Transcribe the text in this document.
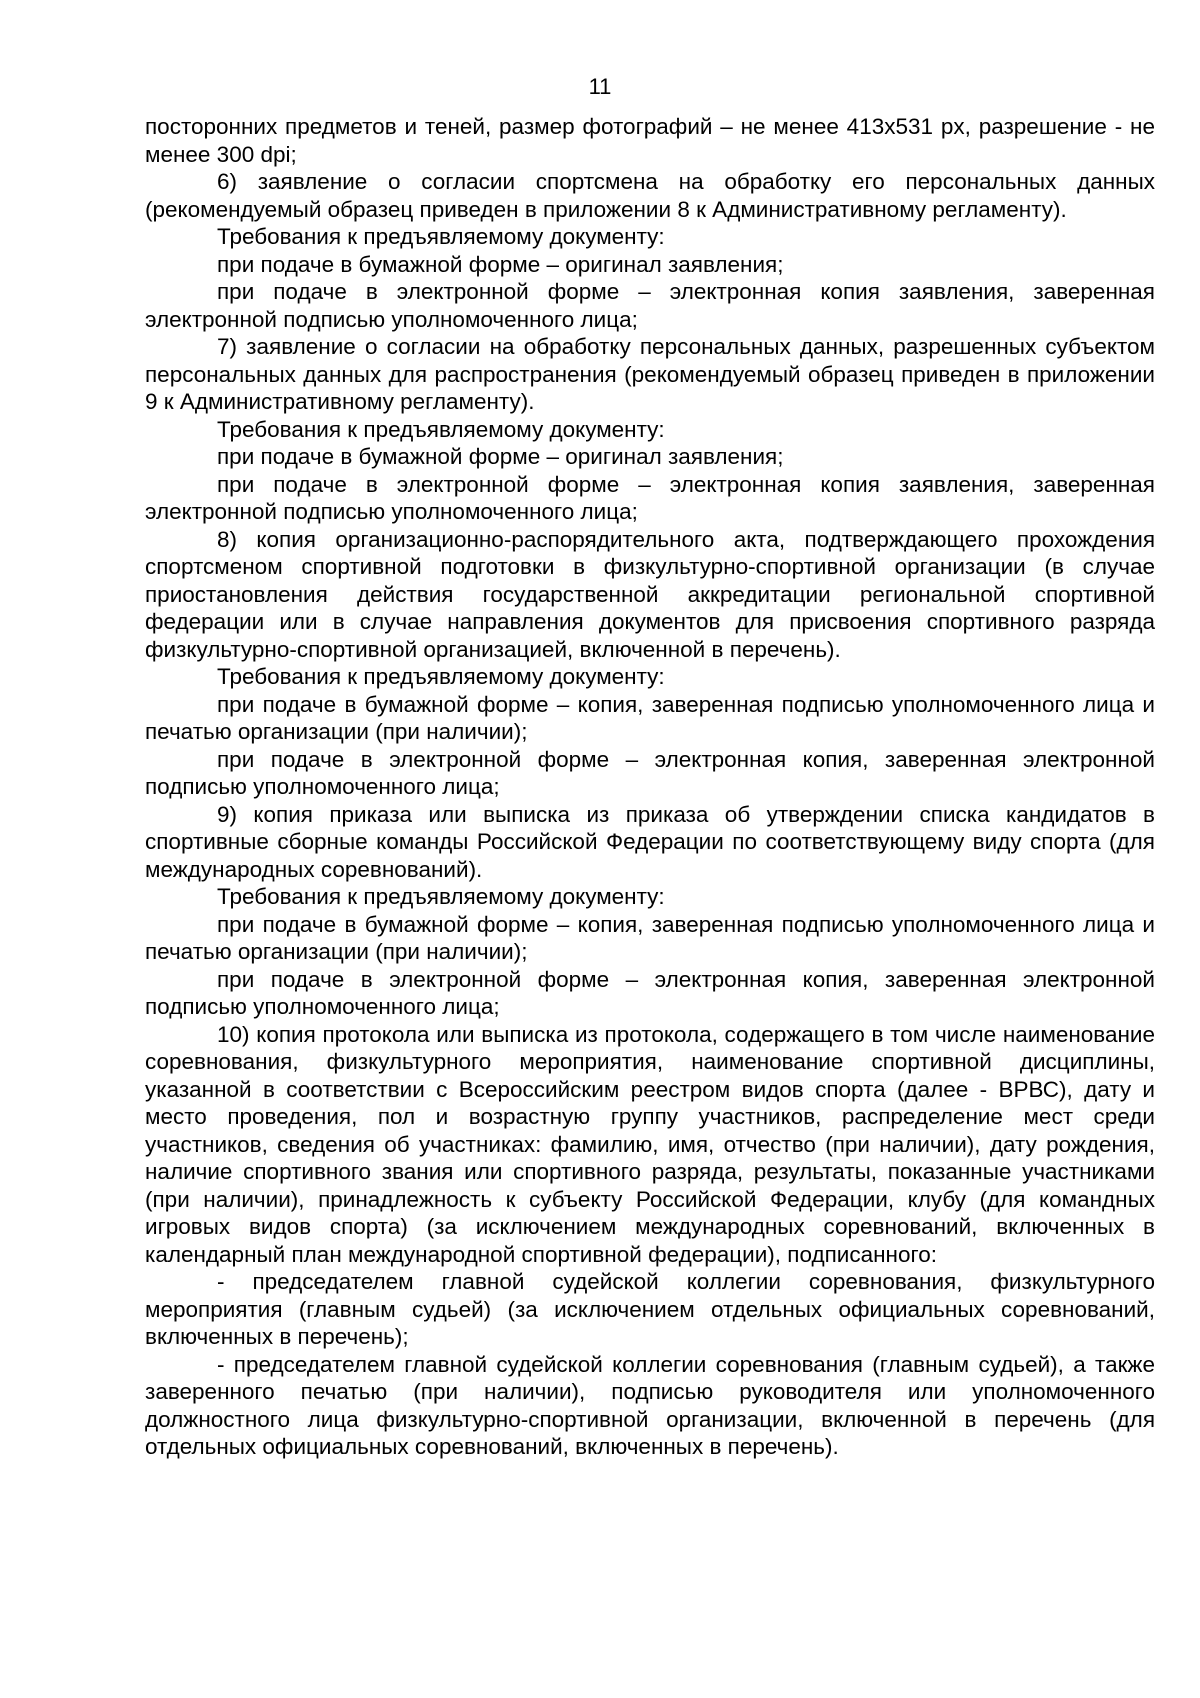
11

посторонних предметов и теней, размер фотографий – не менее 413x531 px, разрешение - не менее 300 dpi;

6) заявление о согласии спортсмена на обработку его персональных данных (рекомендуемый образец приведен в приложении 8 к Административному регламенту).

Требования к предъявляемому документу:

при подаче в бумажной форме – оригинал заявления;

при подаче в электронной форме – электронная копия заявления, заверенная электронной подписью уполномоченного лица;

7) заявление о согласии на обработку персональных данных, разрешенных субъектом персональных данных для распространения (рекомендуемый образец приведен в приложении 9 к Административному регламенту).

Требования к предъявляемому документу:

при подаче в бумажной форме – оригинал заявления;

при подаче в электронной форме – электронная копия заявления, заверенная электронной подписью уполномоченного лица;

8) копия организационно-распорядительного акта, подтверждающего прохождения спортсменом спортивной подготовки в физкультурно-спортивной организации (в случае приостановления действия государственной аккредитации региональной спортивной федерации или в случае направления документов для присвоения спортивного разряда физкультурно-спортивной организацией, включенной в перечень).

Требования к предъявляемому документу:

при подаче в бумажной форме – копия, заверенная подписью уполномоченного лица и печатью организации (при наличии);

при подаче в электронной форме – электронная копия, заверенная электронной подписью уполномоченного лица;

9) копия приказа или выписка из приказа об утверждении списка кандидатов в спортивные сборные команды Российской Федерации по соответствующему виду спорта (для международных соревнований).

Требования к предъявляемому документу:

при подаче в бумажной форме – копия, заверенная подписью уполномоченного лица и печатью организации (при наличии);

при подаче в электронной форме – электронная копия, заверенная электронной подписью уполномоченного лица;

10) копия протокола или выписка из протокола, содержащего в том числе наименование соревнования, физкультурного мероприятия, наименование спортивной дисциплины, указанной в соответствии с Всероссийским реестром видов спорта (далее - ВРВС), дату и место проведения, пол и возрастную группу участников, распределение мест среди участников, сведения об участниках: фамилию, имя, отчество (при наличии), дату рождения, наличие спортивного звания или спортивного разряда, результаты, показанные участниками (при наличии), принадлежность к субъекту Российской Федерации, клубу (для командных игровых видов спорта) (за исключением международных соревнований, включенных в календарный план международной спортивной федерации), подписанного:

- председателем главной судейской коллегии соревнования, физкультурного мероприятия (главным судьей) (за исключением отдельных официальных соревнований, включенных в перечень);

- председателем главной судейской коллегии соревнования (главным судьей), а также заверенного печатью (при наличии), подписью руководителя или уполномоченного должностного лица физкультурно-спортивной организации, включенной в перечень (для отдельных официальных соревнований, включенных в перечень).
